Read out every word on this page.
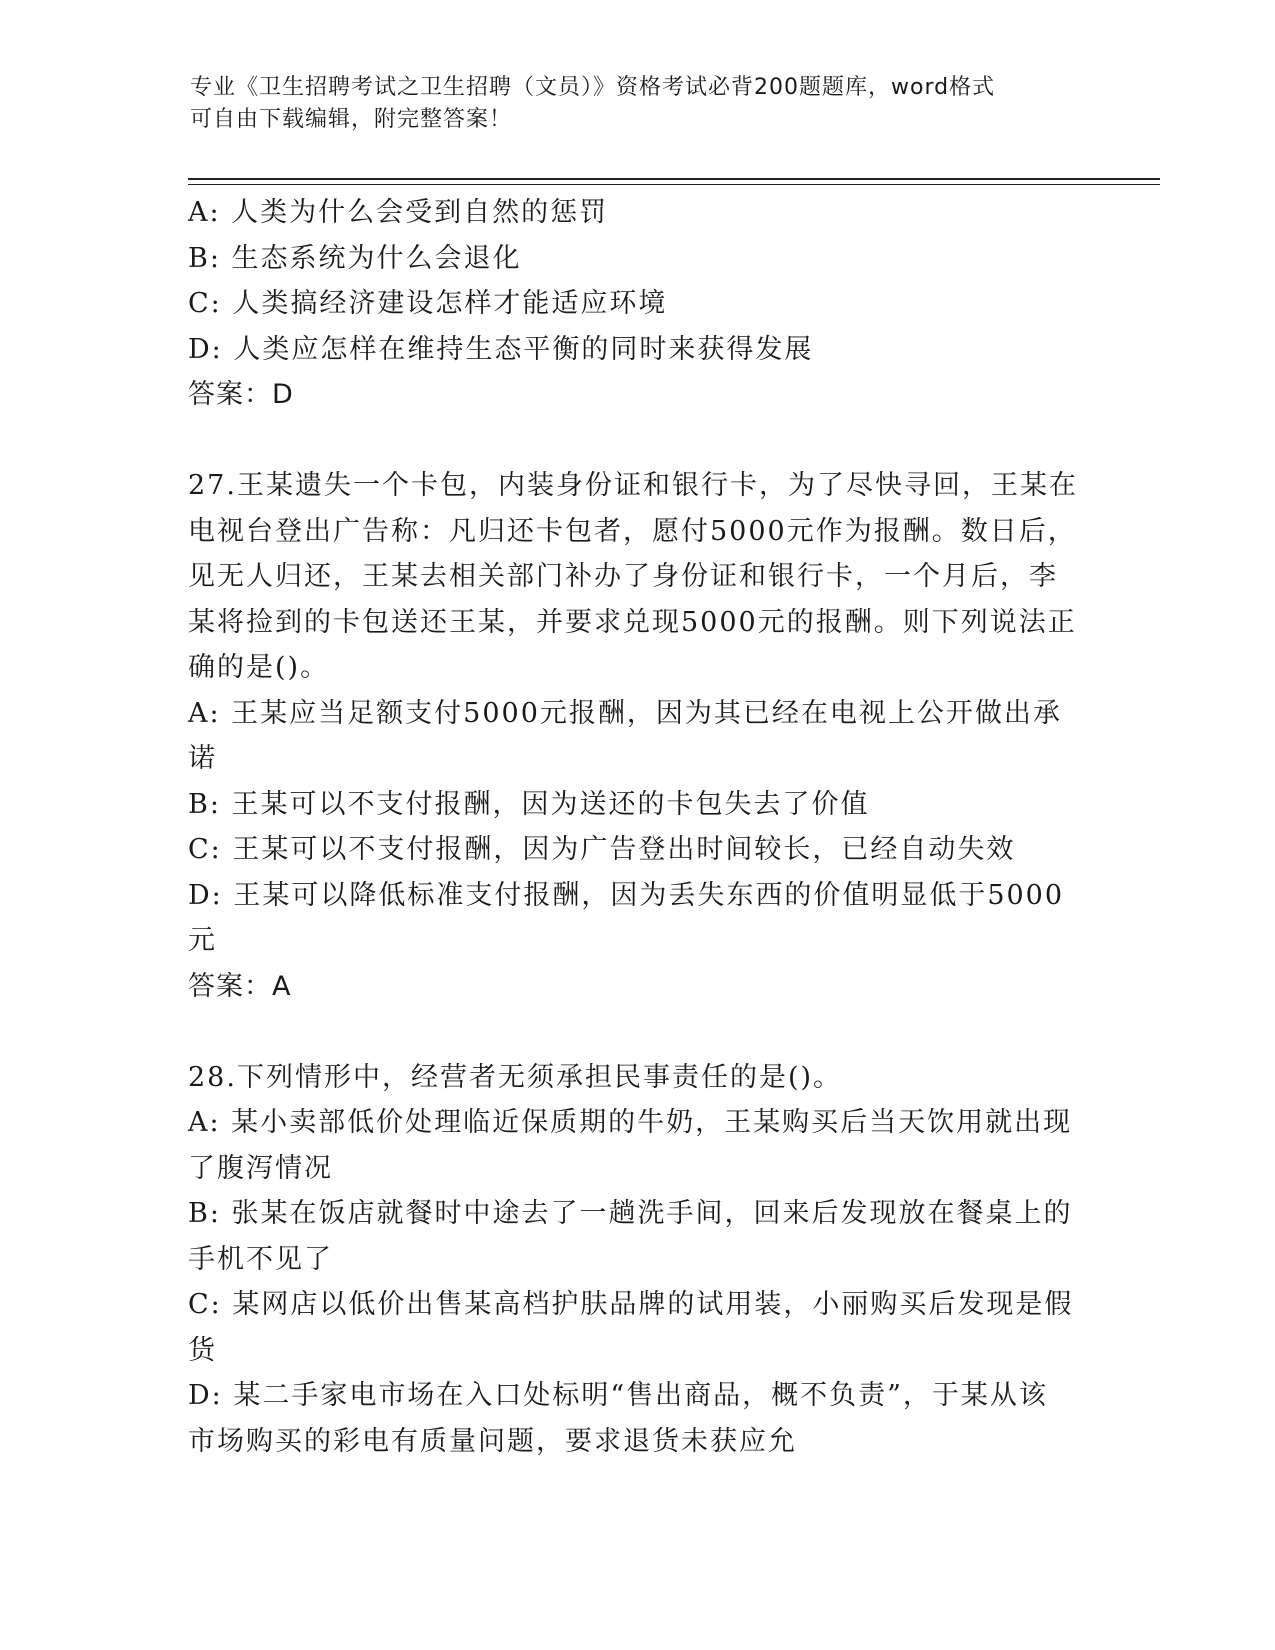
专业《卫生招聘考试之卫生招聘（文员）》资格考试必背200题题库，word格式
可自由下载编辑，附完整答案！

A: 人类为什么会受到自然的惩罚

B: 生态系统为什么会退化

C: 人类搞经济建设怎样才能适应环境

D: 人类应怎样在维持生态平衡的同时来获得发展

答案：D

27.王某遗失一个卡包，内装身份证和银行卡，为了尽快寻回，王某在

电视台登出广告称：凡归还卡包者，愿付5000元作为报酬。数日后，

见无人归还，王某去相关部门补办了身份证和银行卡，一个月后，李

某将捡到的卡包送还王某，并要求兑现5000元的报酬。则下列说法正

确的是()。

A: 王某应当足额支付5000元报酬，因为其已经在电视上公开做出承

诺

B: 王某可以不支付报酬，因为送还的卡包失去了价值

C: 王某可以不支付报酬，因为广告登出时间较长，已经自动失效

D: 王某可以降低标准支付报酬，因为丢失东西的价值明显低于5000

元

答案：A

28.下列情形中，经营者无须承担民事责任的是()。

A: 某小卖部低价处理临近保质期的牛奶，王某购买后当天饮用就出现

了腹泻情况

B: 张某在饭店就餐时中途去了一趟洗手间，回来后发现放在餐桌上的

手机不见了

C: 某网店以低价出售某高档护肤品牌的试用装，小丽购买后发现是假

货

D: 某二手家电市场在入口处标明“售出商品，概不负责”，于某从该

市场购买的彩电有质量问题，要求退货未获应允
